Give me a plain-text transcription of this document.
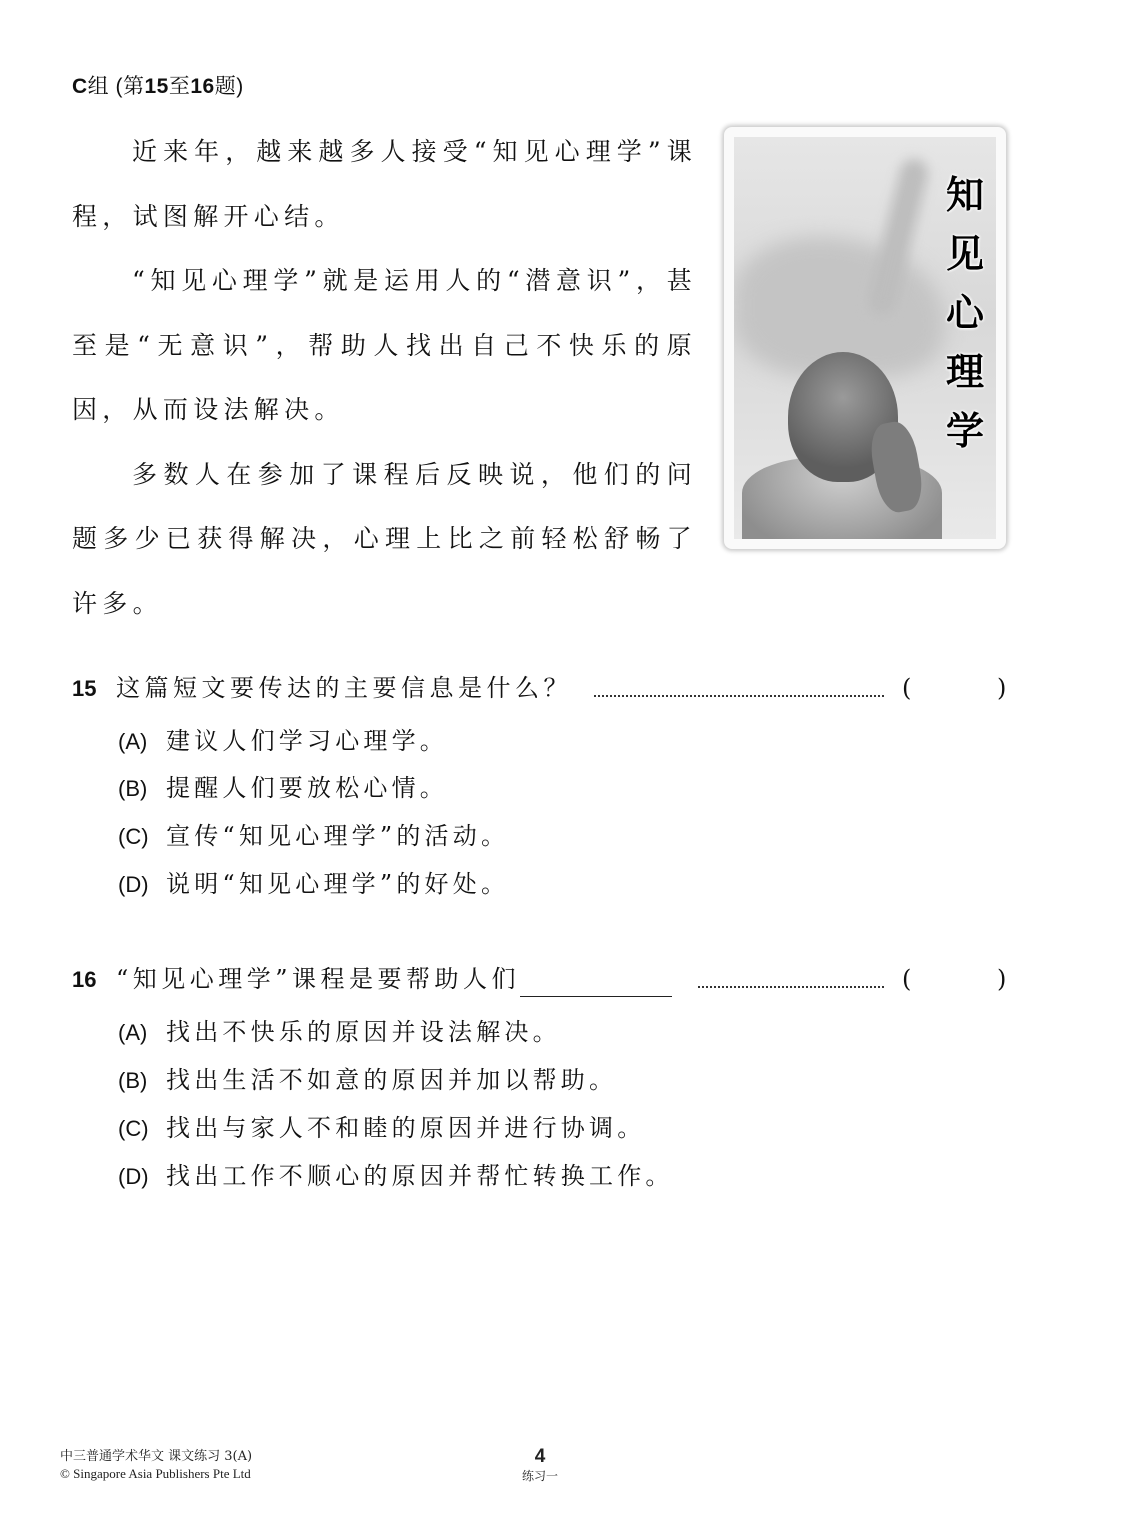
C组 (第15至16题)

近来年，越来越多人接受“知见心理学”课程，试图解开心结。

“知见心理学”就是运用人的“潜意识”，甚至是“无意识”，帮助人找出自己不快乐的原因，从而设法解决。

多数人在参加了课程后反映说，他们的问题多少已获得解决，心理上比之前轻松舒畅了许多。

知
见
心
理
学
15 这篇短文要传达的主要信息是什么？	(	)
(A) 建议人们学习心理学。
(B) 提醒人们要放松心情。
(C) 宣传“知见心理学”的活动。
(D) 说明“知见心理学”的好处。
16 “知见心理学”课程是要帮助人们	(	)
(A) 找出不快乐的原因并设法解决。
(B) 找出生活不如意的原因并加以帮助。
(C) 找出与家人不和睦的原因并进行协调。
(D) 找出工作不顺心的原因并帮忙转换工作。
中三普通学术华文 课文练习 3(A)
© Singapore Asia Publishers Pte Ltd
4
练习一
